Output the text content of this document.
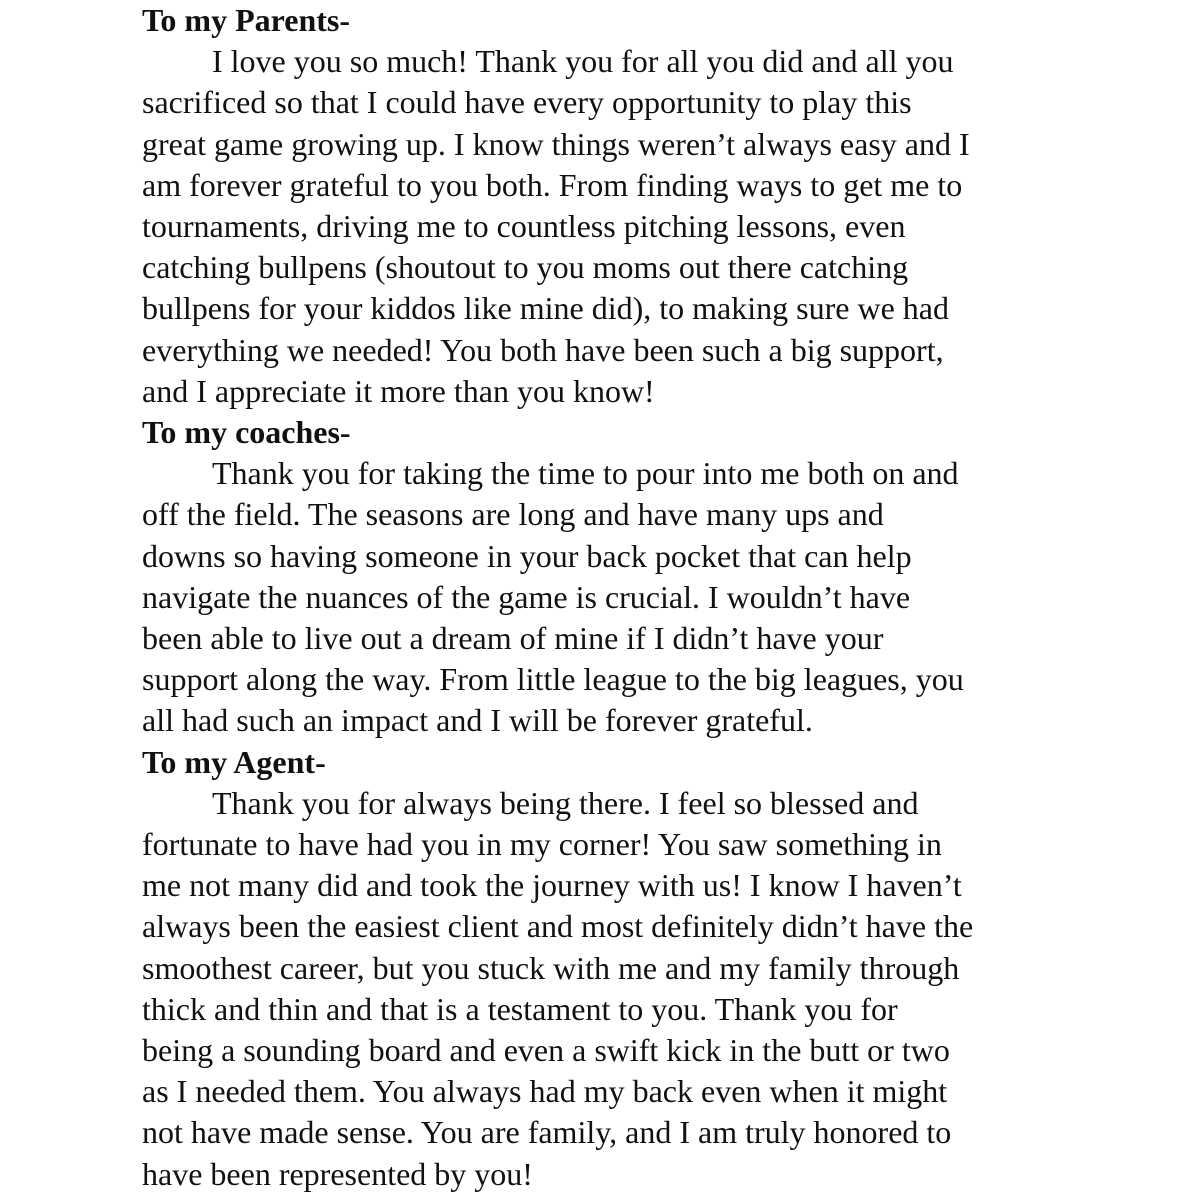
To my Parents-
I love you so much! Thank you for all you did and all you
sacrificed so that I could have every opportunity to play this
great game growing up. I know things weren’t always easy and I
am forever grateful to you both. From finding ways to get me to
tournaments, driving me to countless pitching lessons, even
catching bullpens (shoutout to you moms out there catching
bullpens for your kiddos like mine did), to making sure we had
everything we needed! You both have been such a big support,
and I appreciate it more than you know!
To my coaches-
Thank you for taking the time to pour into me both on and
off the field. The seasons are long and have many ups and
downs so having someone in your back pocket that can help
navigate the nuances of the game is crucial. I wouldn’t have
been able to live out a dream of mine if I didn’t have your
support along the way. From little league to the big leagues, you
all had such an impact and I will be forever grateful.
To my Agent-
Thank you for always being there. I feel so blessed and
fortunate to have had you in my corner! You saw something in
me not many did and took the journey with us! I know I haven’t
always been the easiest client and most definitely didn’t have the
smoothest career, but you stuck with me and my family through
thick and thin and that is a testament to you. Thank you for
being a sounding board and even a swift kick in the butt or two
as I needed them. You always had my back even when it might
not have made sense. You are family, and I am truly honored to
have been represented by you!
